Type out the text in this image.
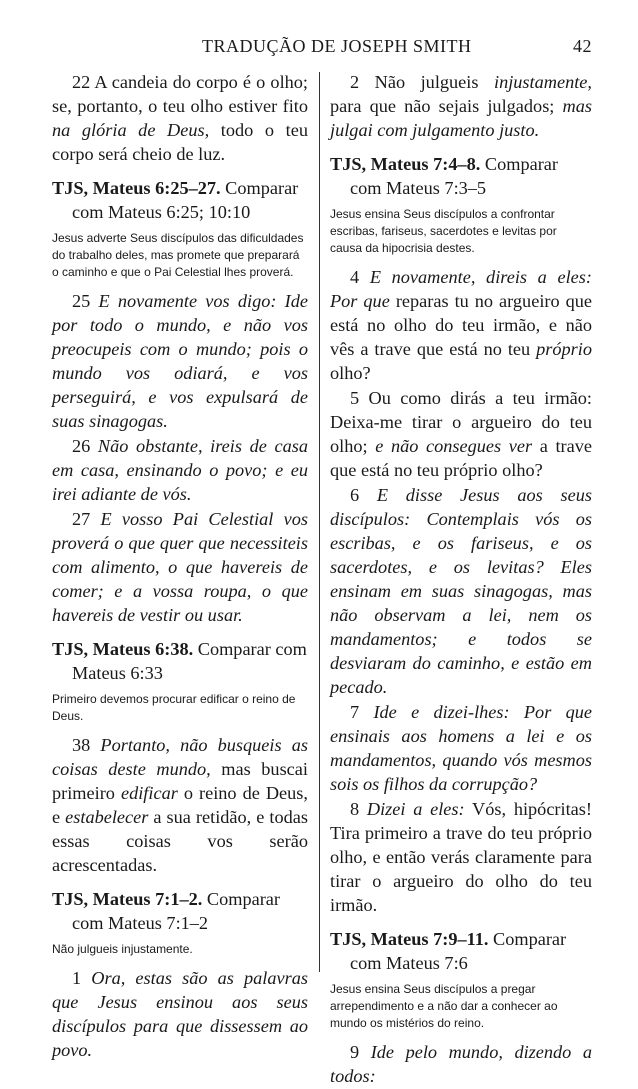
TRADUÇÃO DE JOSEPH SMITH	42

22 A candeia do corpo é o olho; se, portanto, o teu olho estiver fito na glória de Deus, todo o teu corpo será cheio de luz.

TJS, Mateus 6:25–27. Comparar com Mateus 6:25; 10:10

Jesus adverte Seus discípulos das dificuldades do trabalho deles, mas promete que preparará o caminho e que o Pai Celestial lhes proverá.

25 E novamente vos digo: Ide por todo o mundo, e não vos preocupeis com o mundo; pois o mundo vos odiará, e vos perseguirá, e vos expulsará de suas sinagogas.

26 Não obstante, ireis de casa em casa, ensinando o povo; e eu irei adiante de vós.

27 E vosso Pai Celestial vos proverá o que quer que necessiteis com alimento, o que havereis de comer; e a vossa roupa, o que havereis de vestir ou usar.

TJS, Mateus 6:38. Comparar com Mateus 6:33

Primeiro devemos procurar edificar o reino de Deus.

38 Portanto, não busqueis as coisas deste mundo, mas buscai primeiro edificar o reino de Deus, e estabelecer a sua retidão, e todas essas coisas vos serão acrescentadas.

TJS, Mateus 7:1–2. Comparar com Mateus 7:1–2

Não julgueis injustamente.

1 Ora, estas são as palavras que Jesus ensinou aos seus discípulos para que dissessem ao povo.

2 Não julgueis injustamente, para que não sejais julgados; mas julgai com julgamento justo.

TJS, Mateus 7:4–8. Comparar com Mateus 7:3–5

Jesus ensina Seus discípulos a confrontar escribas, fariseus, sacerdotes e levitas por causa da hipocrisia destes.

4 E novamente, direis a eles: Por que reparas tu no argueiro que está no olho do teu irmão, e não vês a trave que está no teu próprio olho?

5 Ou como dirás a teu irmão: Deixa-me tirar o argueiro do teu olho; e não consegues ver a trave que está no teu próprio olho?

6 E disse Jesus aos seus discípulos: Contemplais vós os escribas, e os fariseus, e os sacerdotes, e os levitas? Eles ensinam em suas sinagogas, mas não observam a lei, nem os mandamentos; e todos se desviaram do caminho, e estão em pecado.

7 Ide e dizei-lhes: Por que ensinais aos homens a lei e os mandamentos, quando vós mesmos sois os filhos da corrupção?

8 Dizei a eles: Vós, hipócritas! Tira primeiro a trave do teu próprio olho, e então verás claramente para tirar o argueiro do olho do teu irmão.

TJS, Mateus 7:9–11. Comparar com Mateus 7:6

Jesus ensina Seus discípulos a pregar arrependimento e a não dar a conhecer ao mundo os mistérios do reino.

9 Ide pelo mundo, dizendo a todos:
